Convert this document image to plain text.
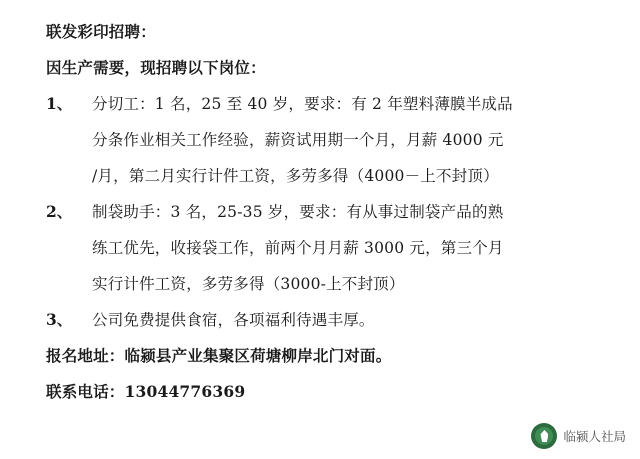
联发彩印招聘：
因生产需要，现招聘以下岗位：
1、	分切工：1 名，25 至 40 岁，要求：有 2 年塑料薄膜半成品
分条作业相关工作经验，薪资试用期一个月，月薪 4000 元
/月，第二月实行计件工资，多劳多得（4000－上不封顶）
2、	制袋助手：3 名，25-35 岁，要求：有从事过制袋产品的熟
练工优先，收接袋工作，前两个月月薪 3000 元，第三个月
实行计件工资，多劳多得（3000-上不封顶）
3、	公司免费提供食宿，各项福利待遇丰厚。
报名地址：临颍县产业集聚区荷塘柳岸北门对面。
联系电话：13044776369
临颍人社局
